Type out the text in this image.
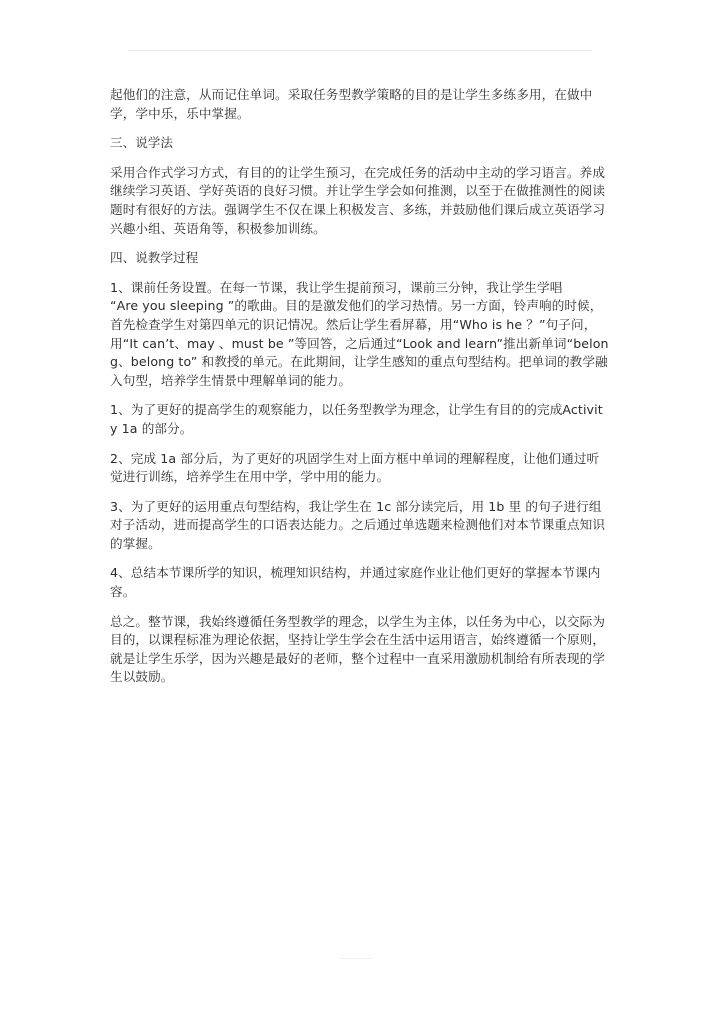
起他们的注意，从而记住单词。采取任务型教学策略的目的是让学生多练多用，在做中学，学中乐，乐中掌握。

三、说学法

采用合作式学习方式，有目的的让学生预习，在完成任务的活动中主动的学习语言。养成继续学习英语、学好英语的良好习惯。并让学生学会如何推测，以至于在做推测性的阅读题时有很好的方法。强调学生不仅在课上积极发言、多练，并鼓励他们课后成立英语学习兴趣小组、英语角等，积极参加训练。

四、说教学过程

1、课前任务设置。在每一节课，我让学生提前预习，课前三分钟，我让学生学唱
“Are you sleeping ”的歌曲。目的是激发他们的学习热情。另一方面，铃声响的时候，首先检查学生对第四单元的识记情况。然后让学生看屏幕，用“Who is he ？”句子问，用“It can’t、may 、must be ”等回答，之后通过“Look and learn”推出新单词“belong、belong to” 和教授的单元。在此期间，让学生感知的重点句型结构。把单词的教学融入句型，培养学生情景中理解单词的能力。

1、为了更好的提高学生的观察能力，以任务型教学为理念，让学生有目的的完成Activity 1a 的部分。

2、完成 1a 部分后，为了更好的巩固学生对上面方框中单词的理解程度，让他们通过听觉进行训练，培养学生在用中学，学中用的能力。

3、为了更好的运用重点句型结构，我让学生在 1c 部分读完后，用 1b 里 的句子进行组对子活动，进而提高学生的口语表达能力。之后通过单选题来检测他们对本节课重点知识的掌握。

4、总结本节课所学的知识，梳理知识结构，并通过家庭作业让他们更好的掌握本节课内容。

总之。整节课，我始终遵循任务型教学的理念，以学生为主体，以任务为中心，以交际为目的，以课程标准为理论依据，坚持让学生学会在生活中运用语言，始终遵循一个原则，就是让学生乐学，因为兴趣是最好的老师，整个过程中一直采用激励机制给有所表现的学生以鼓励。
